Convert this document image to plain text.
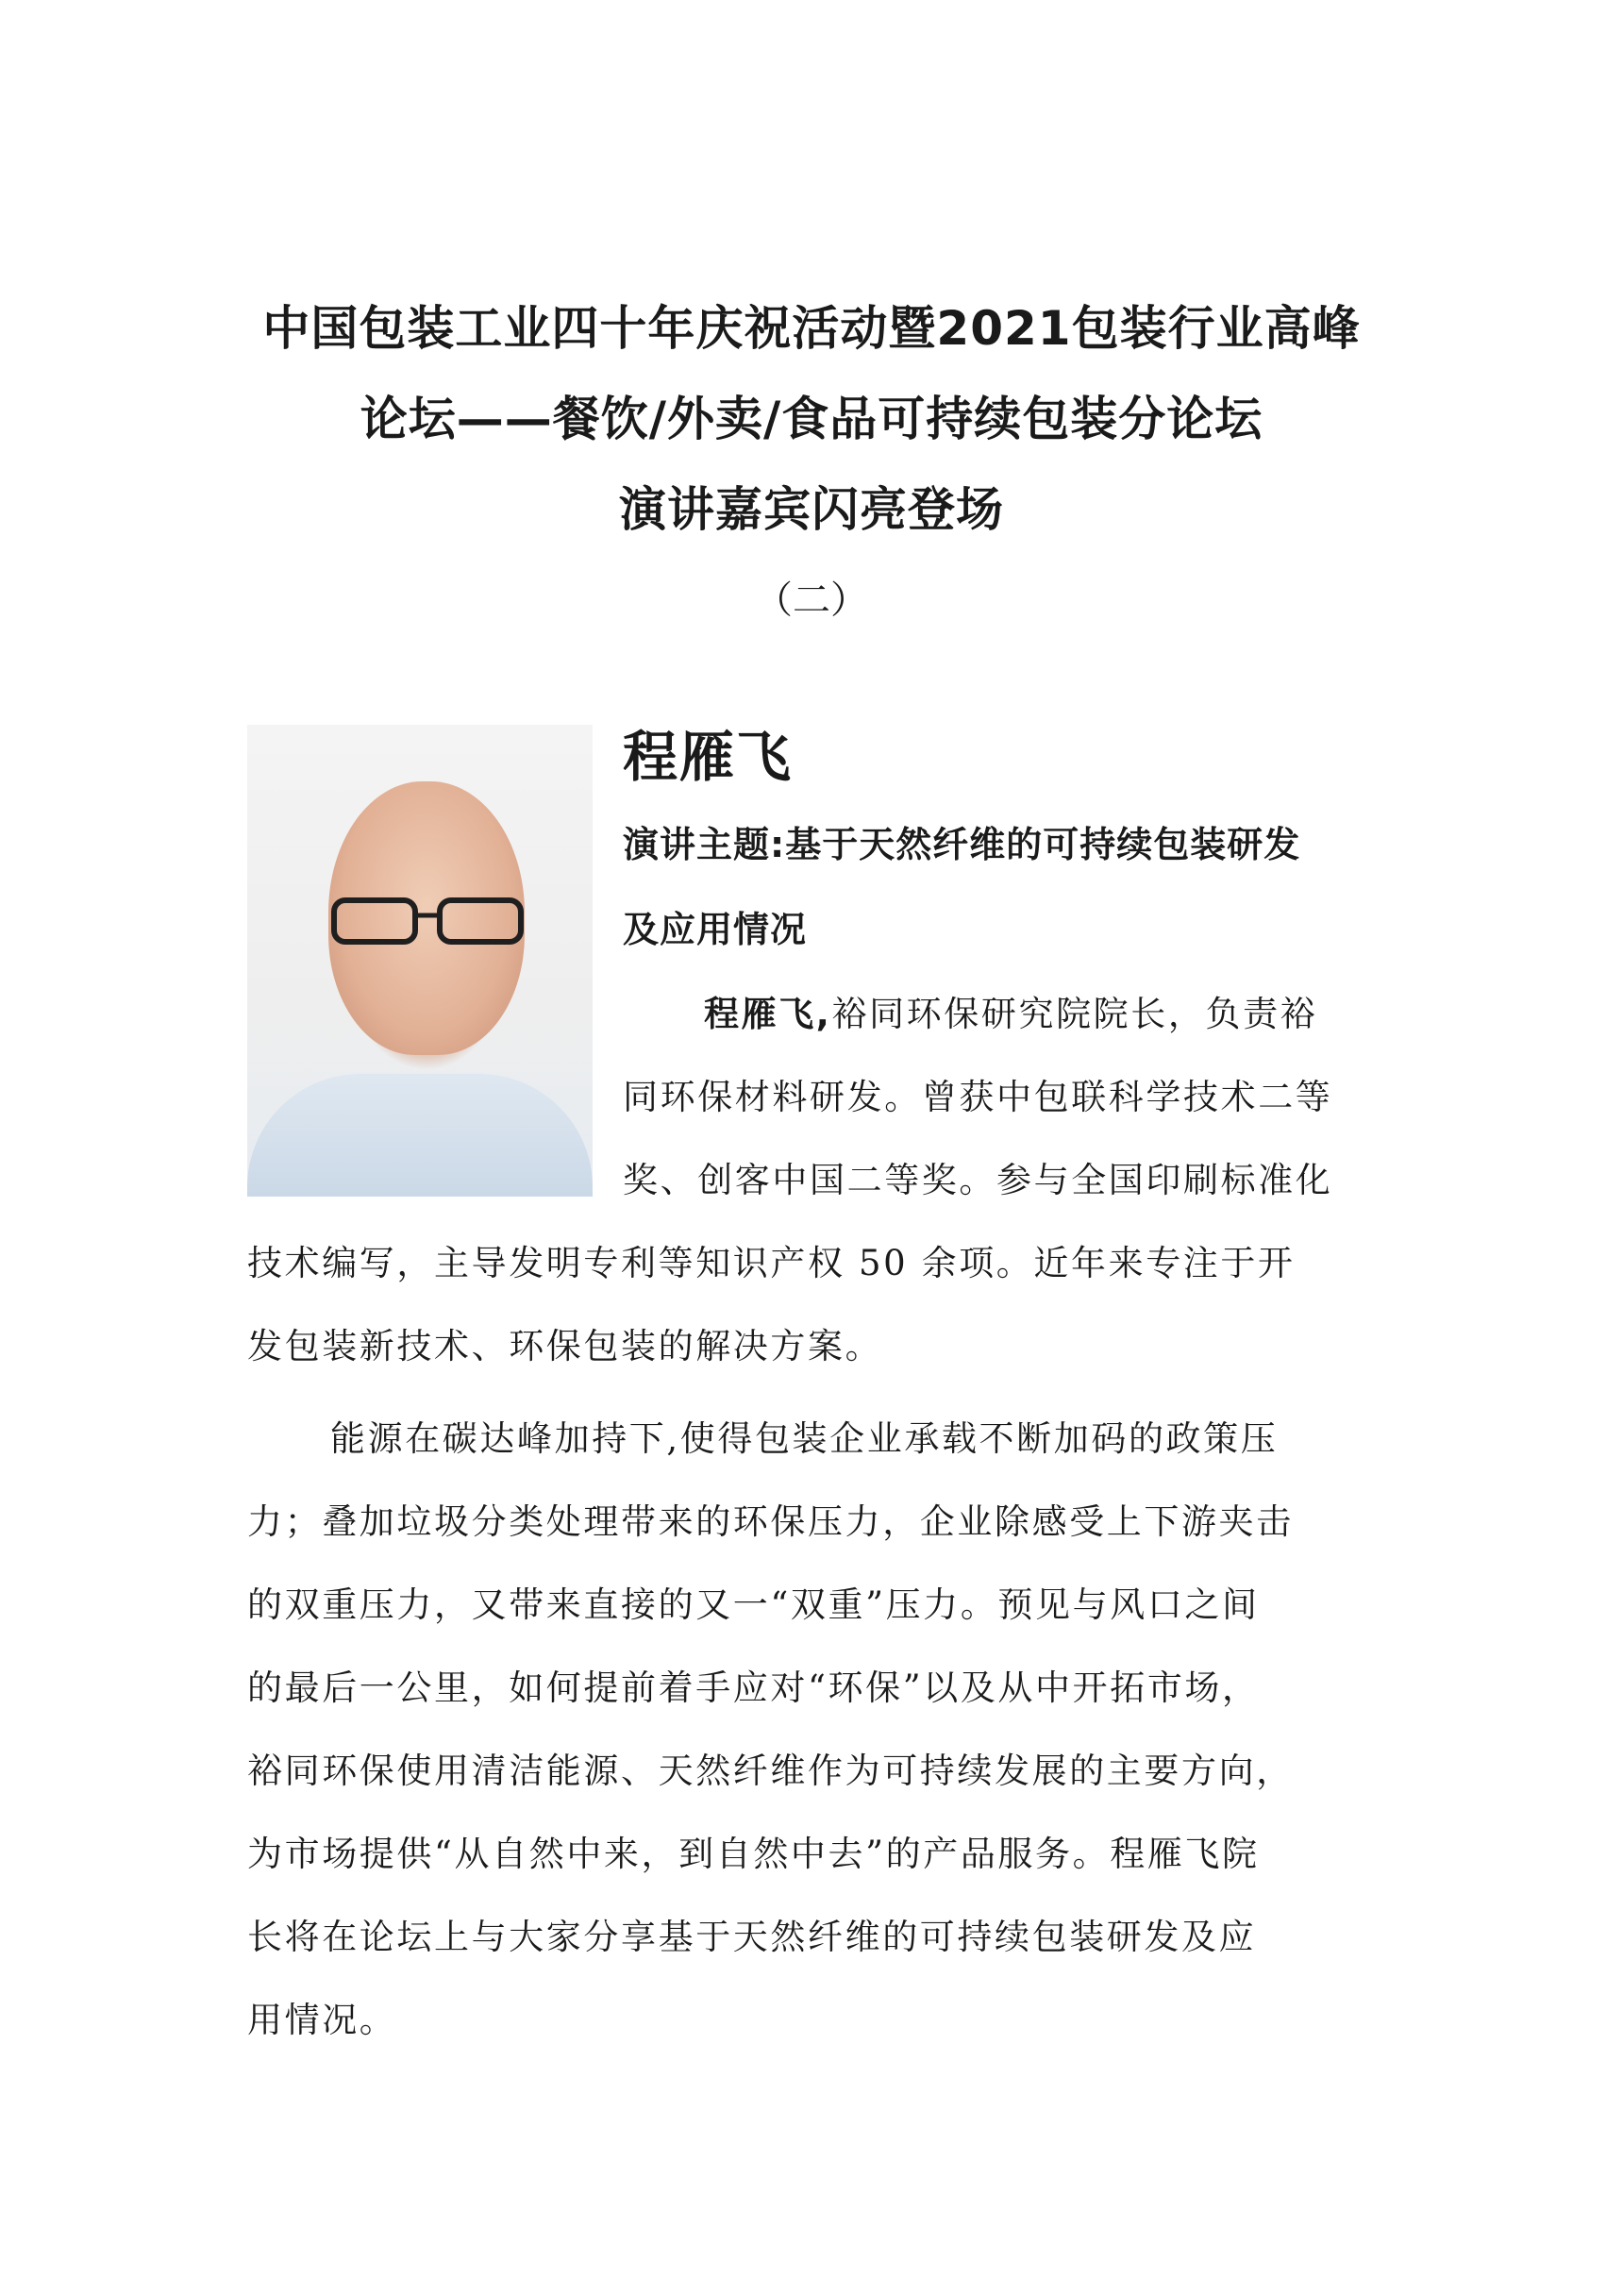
中国包装工业四十年庆祝活动暨2021包装行业高峰
论坛——餐饮/外卖/食品可持续包装分论坛
演讲嘉宾闪亮登场
（二）
程雁飞
演讲主题:基于天然纤维的可持续包装研发
及应用情况
程雁飞,裕同环保研究院院长，负责裕
同环保材料研发。曾获中包联科学技术二等
奖、创客中国二等奖。参与全国印刷标准化
技术编写，主导发明专利等知识产权 50 余项。近年来专注于开
发包装新技术、环保包装的解决方案。
能源在碳达峰加持下,使得包装企业承载不断加码的政策压
力；叠加垃圾分类处理带来的环保压力，企业除感受上下游夹击
的双重压力，又带来直接的又一“双重”压力。预见与风口之间
的最后一公里，如何提前着手应对“环保”以及从中开拓市场，
裕同环保使用清洁能源、天然纤维作为可持续发展的主要方向，
为市场提供“从自然中来，到自然中去”的产品服务。程雁飞院
长将在论坛上与大家分享基于天然纤维的可持续包装研发及应
用情况。
